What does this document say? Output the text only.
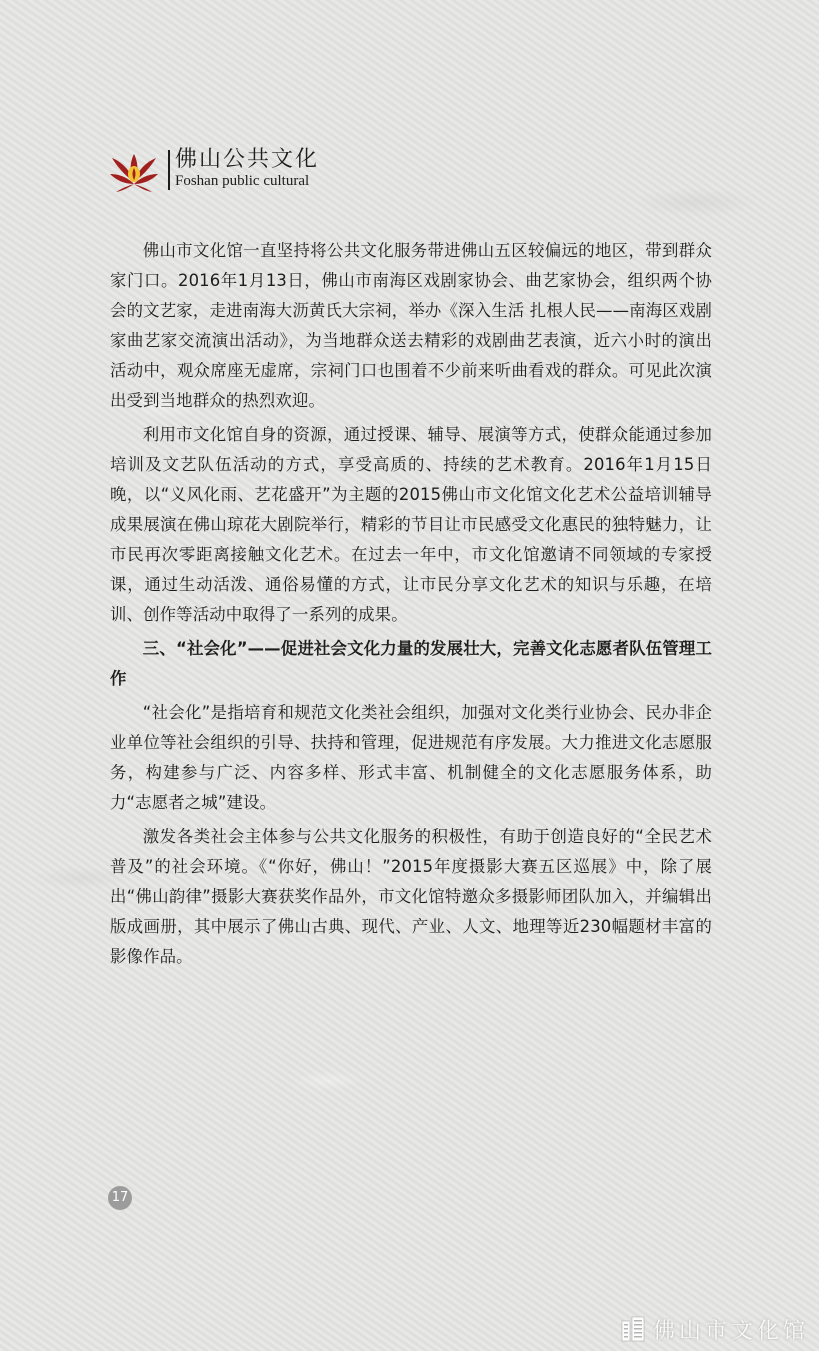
佛山公共文化
Foshan public cultural

佛山市文化馆一直坚持将公共文化服务带进佛山五区较偏远的地区，带到群众家门口。2016年1月13日，佛山市南海区戏剧家协会、曲艺家协会，组织两个协会的文艺家，走进南海大沥黄氏大宗祠，举办《深入生活 扎根人民——南海区戏剧家曲艺家交流演出活动》，为当地群众送去精彩的戏剧曲艺表演，近六小时的演出活动中，观众席座无虚席，宗祠门口也围着不少前来听曲看戏的群众。可见此次演出受到当地群众的热烈欢迎。

利用市文化馆自身的资源，通过授课、辅导、展演等方式，使群众能通过参加培训及文艺队伍活动的方式，享受高质的、持续的艺术教育。2016年1月15日晚，以“义风化雨、艺花盛开”为主题的2015佛山市文化馆文化艺术公益培训辅导成果展演在佛山琼花大剧院举行，精彩的节目让市民感受文化惠民的独特魅力，让市民再次零距离接触文化艺术。在过去一年中，市文化馆邀请不同领域的专家授课，通过生动活泼、通俗易懂的方式，让市民分享文化艺术的知识与乐趣，在培训、创作等活动中取得了一系列的成果。

三、“社会化”——促进社会文化力量的发展壮大，完善文化志愿者队伍管理工作

“社会化”是指培育和规范文化类社会组织，加强对文化类行业协会、民办非企业单位等社会组织的引导、扶持和管理，促进规范有序发展。大力推进文化志愿服务，构建参与广泛、内容多样、形式丰富、机制健全的文化志愿服务体系，助力“志愿者之城”建设。

激发各类社会主体参与公共文化服务的积极性，有助于创造良好的“全民艺术普及”的社会环境。《“你好，佛山！”2015年度摄影大赛五区巡展》中，除了展出“佛山韵律”摄影大赛获奖作品外，市文化馆特邀众多摄影师团队加入，并编辑出版成画册，其中展示了佛山古典、现代、产业、人文、地理等近230幅题材丰富的影像作品。

17
佛山市文化馆
